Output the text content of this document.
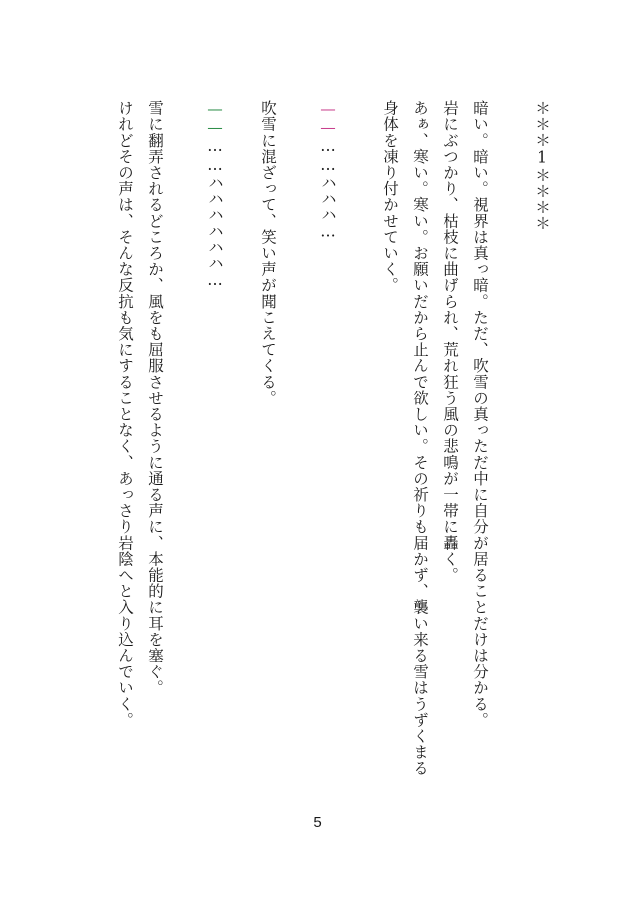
＊＊＊1＊＊＊＊
暗い。暗い。視界は真っ暗。ただ、吹雪の真っただ中に自分が居ることだけは分かる。
岩にぶつかり、枯枝に曲げられ、荒れ狂う風の悲鳴が一帯に轟く。
あぁ、寒い。寒い。お願いだから止んで欲しい。その祈りも届かず、襲い来る雪はうずくまる
身体を凍り付かせていく。
——……ハハハ…
吹雪に混ざって、笑い声が聞こえてくる。
——……ハハハハハハ…
雪に翻弄されるどころか、風をも屈服させるように通る声に、本能的に耳を塞ぐ。
けれどその声は、そんな反抗も気にすることなく、あっさり岩陰へと入り込んでいく。
5
